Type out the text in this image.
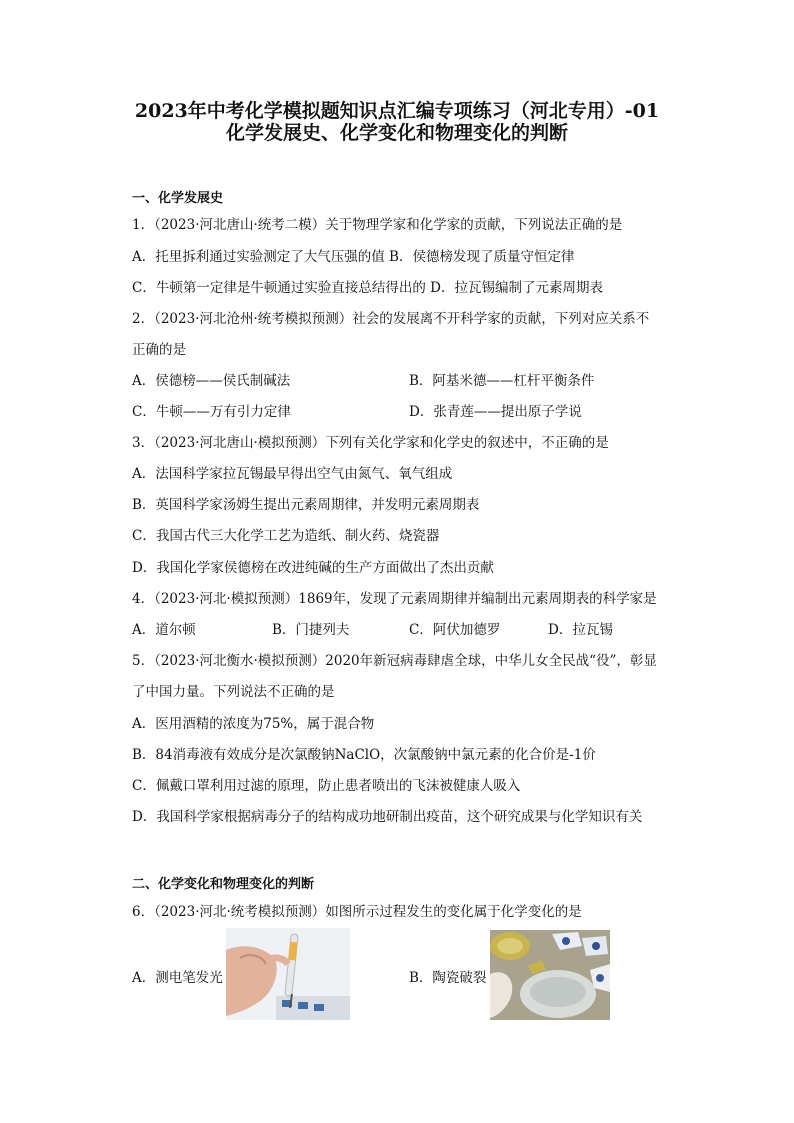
2023年中考化学模拟题知识点汇编专项练习（河北专用）-01
化学发展史、化学变化和物理变化的判断
一、化学发展史
1．（2023·河北唐山·统考二模）关于物理学家和化学家的贡献，下列说法正确的是
A．托里拆利通过实验测定了大气压强的值 B．侯德榜发现了质量守恒定律
C．牛顿第一定律是牛顿通过实验直接总结得出的 D．拉瓦锡编制了元素周期表
2．（2023·河北沧州·统考模拟预测）社会的发展离不开科学家的贡献，下列对应关系不
正确的是
A．侯德榜——侯氏制碱法	B．阿基米德——杠杆平衡条件
C．牛顿——万有引力定律	D．张青莲——提出原子学说
3．（2023·河北唐山·模拟预测）下列有关化学家和化学史的叙述中，不正确的是
A．法国科学家拉瓦锡最早得出空气由氮气、氧气组成
B．英国科学家汤姆生提出元素周期律，并发明元素周期表
C．我国古代三大化学工艺为造纸、制火药、烧瓷器
D．我国化学家侯德榜在改进纯碱的生产方面做出了杰出贡献
4．（2023·河北·模拟预测）1869年，发现了元素周期律并编制出元素周期表的科学家是
A．道尔顿	B．门捷列夫	C．阿伏加德罗	D．拉瓦锡
5．（2023·河北衡水·模拟预测）2020年新冠病毒肆虐全球，中华儿女全民战“役”，彰显
了中国力量。下列说法不正确的是
A．医用酒精的浓度为75%，属于混合物
B．84消毒液有效成分是次氯酸钠NaClO，次氯酸钠中氯元素的化合价是-1价
C．佩戴口罩利用过滤的原理，防止患者喷出的飞沫被健康人吸入
D．我国科学家根据病毒分子的结构成功地研制出疫苗，这个研究成果与化学知识有关
二、化学变化和物理变化的判断
6．（2023·河北·统考模拟预测）如图所示过程发生的变化属于化学变化的是
A．测电笔发光	B．陶瓷破裂
